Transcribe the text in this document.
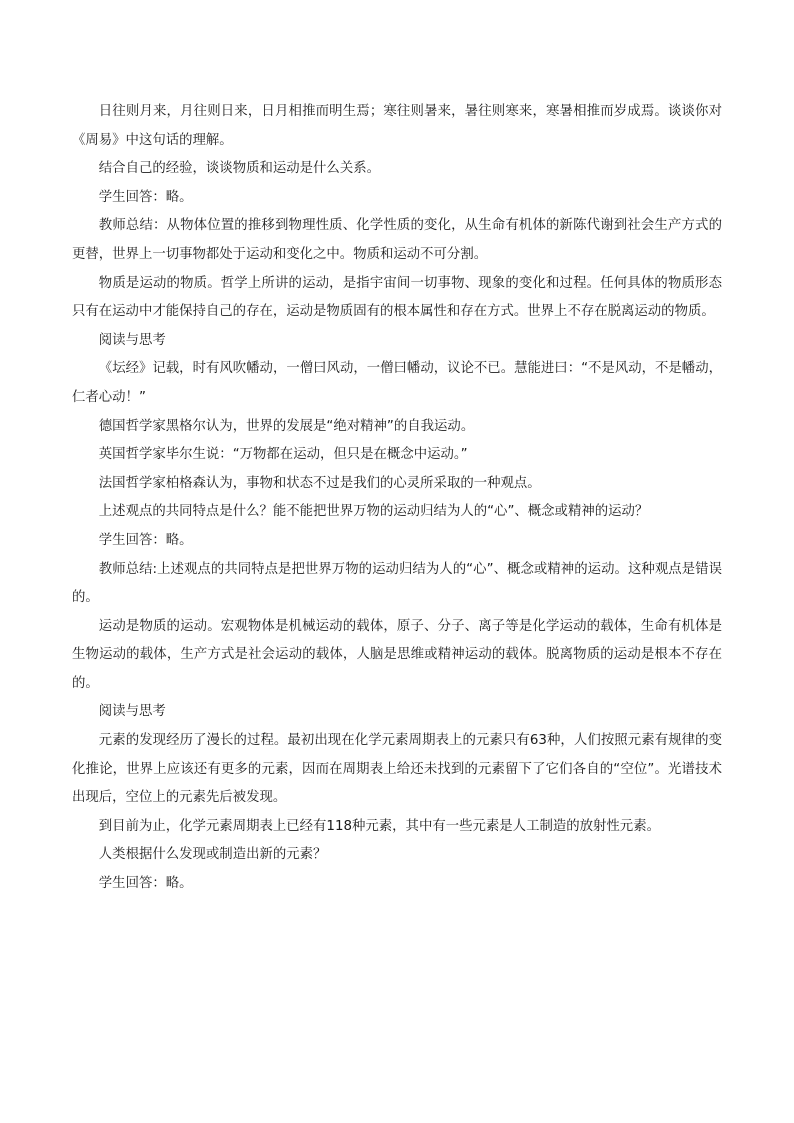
日往则月来，月往则日来，日月相推而明生焉；寒往则暑来，暑往则寒来，寒暑相推而岁成焉。谈谈你对《周易》中这句话的理解。

结合自己的经验，谈谈物质和运动是什么关系。

学生回答：略。

教师总结：从物体位置的推移到物理性质、化学性质的变化，从生命有机体的新陈代谢到社会生产方式的更替，世界上一切事物都处于运动和变化之中。物质和运动不可分割。

物质是运动的物质。哲学上所讲的运动，是指宇宙间一切事物、现象的变化和过程。任何具体的物质形态只有在运动中才能保持自己的存在，运动是物质固有的根本属性和存在方式。世界上不存在脱离运动的物质。

阅读与思考

《坛经》记载，时有风吹幡动，一僧曰风动，一僧曰幡动，议论不已。慧能进曰：“不是风动，不是幡动，仁者心动！”

德国哲学家黑格尔认为，世界的发展是“绝对精神”的自我运动。

英国哲学家毕尔生说：“万物都在运动，但只是在概念中运动。”

法国哲学家柏格森认为，事物和状态不过是我们的心灵所采取的一种观点。

上述观点的共同特点是什么？能不能把世界万物的运动归结为人的“心”、概念或精神的运动？

学生回答：略。

教师总结:上述观点的共同特点是把世界万物的运动归结为人的“心”、概念或精神的运动。这种观点是错误的。

运动是物质的运动。宏观物体是机械运动的载体，原子、分子、离子等是化学运动的载体，生命有机体是生物运动的载体，生产方式是社会运动的载体，人脑是思维或精神运动的载体。脱离物质的运动是根本不存在的。

阅读与思考

元素的发现经历了漫长的过程。最初出现在化学元素周期表上的元素只有63种，人们按照元素有规律的变化推论，世界上应该还有更多的元素，因而在周期表上给还未找到的元素留下了它们各自的“空位”。光谱技术出现后，空位上的元素先后被发现。

到目前为止，化学元素周期表上已经有118种元素，其中有一些元素是人工制造的放射性元素。

人类根据什么发现或制造出新的元素？

学生回答：略。
